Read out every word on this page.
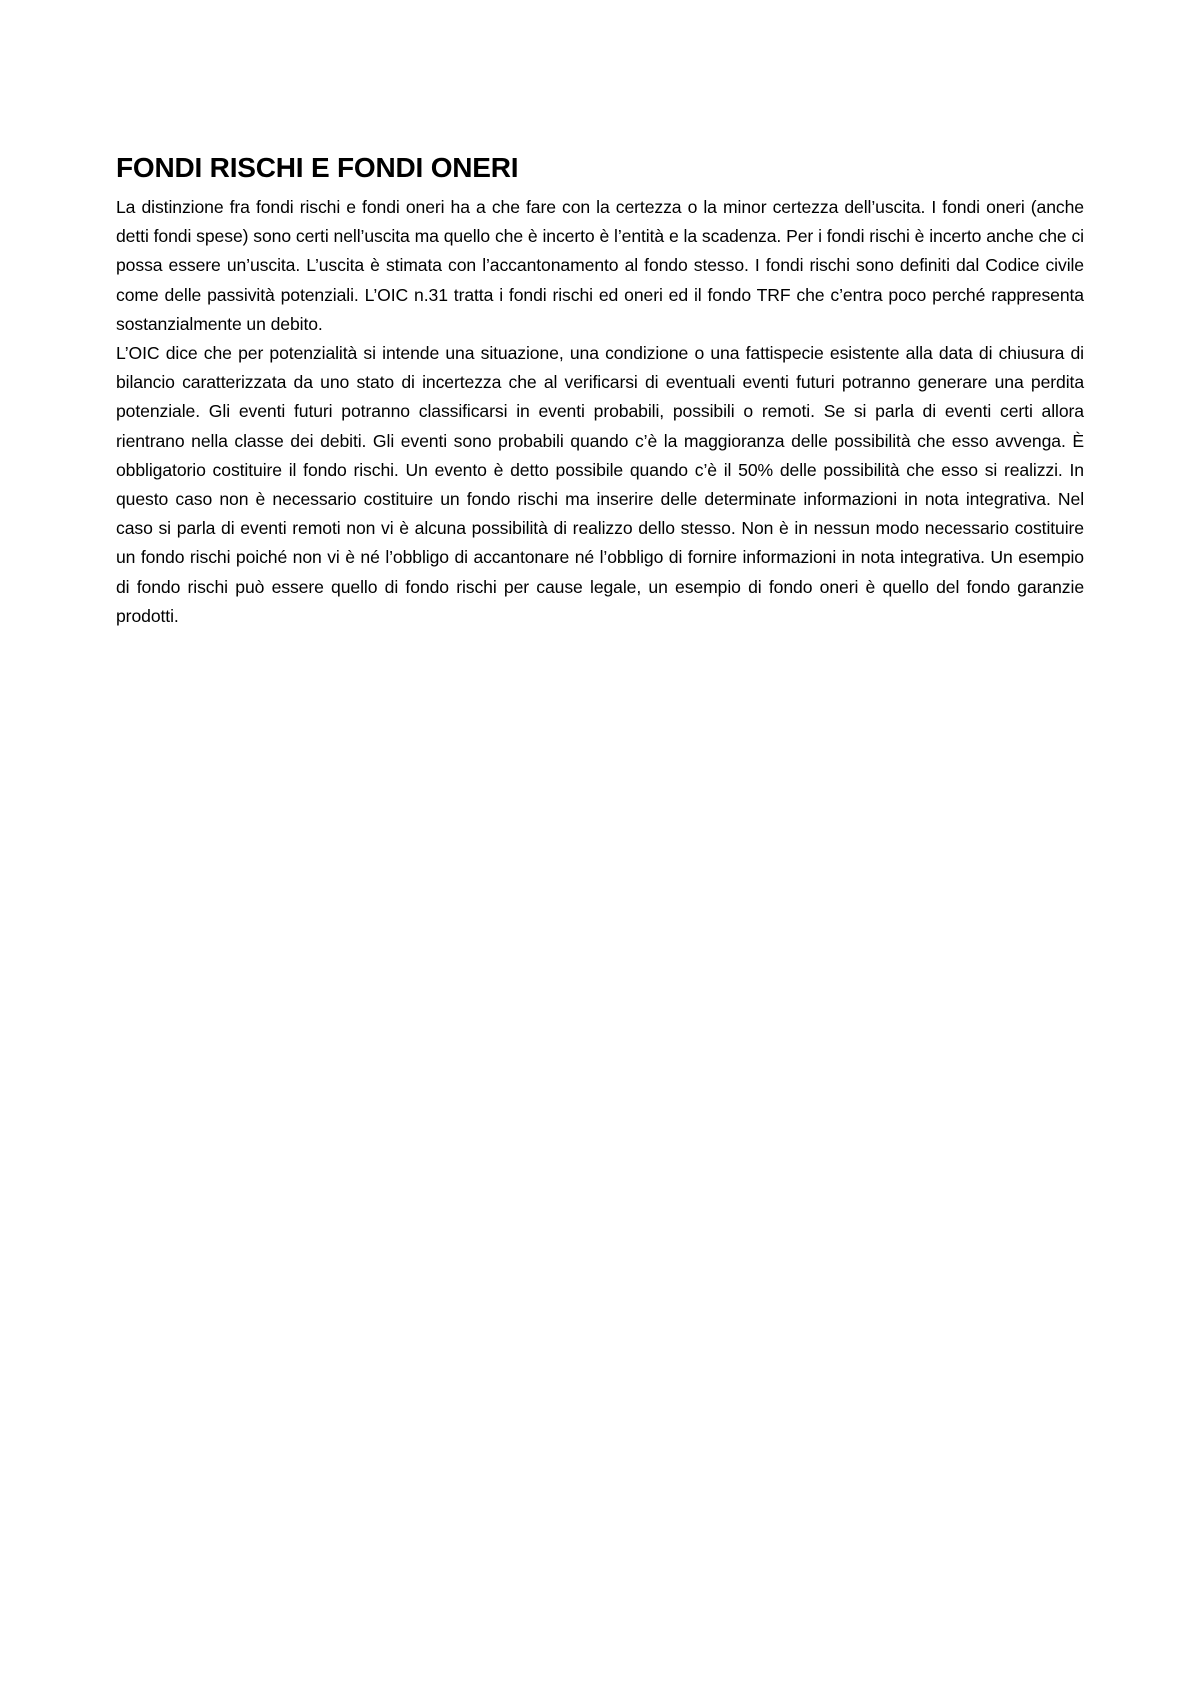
FONDI RISCHI E FONDI ONERI

La distinzione fra fondi rischi e fondi oneri ha a che fare con la certezza o la minor certezza dell’uscita. I fondi oneri (anche detti fondi spese) sono certi nell’uscita ma quello che è incerto è l’entità e la scadenza. Per i fondi rischi è incerto anche che ci possa essere un’uscita. L’uscita è stimata con l’accantonamento al fondo stesso. I fondi rischi sono definiti dal Codice civile come delle passività potenziali. L’OIC n.31 tratta i fondi rischi ed oneri ed il fondo TRF che c’entra poco perché rappresenta sostanzialmente un debito.

L’OIC dice che per potenzialità si intende una situazione, una condizione o una fattispecie esistente alla data di chiusura di bilancio caratterizzata da uno stato di incertezza che al verificarsi di eventuali eventi futuri potranno generare una perdita potenziale. Gli eventi futuri potranno classificarsi in eventi probabili, possibili o remoti. Se si parla di eventi certi allora rientrano nella classe dei debiti. Gli eventi sono probabili quando c’è la maggioranza delle possibilità che esso avvenga. È obbligatorio costituire il fondo rischi. Un evento è detto possibile quando c’è il 50% delle possibilità che esso si realizzi. In questo caso non è necessario costituire un fondo rischi ma inserire delle determinate informazioni in nota integrativa. Nel caso si parla di eventi remoti non vi è alcuna possibilità di realizzo dello stesso. Non è in nessun modo necessario costituire un fondo rischi poiché non vi è né l’obbligo di accantonare né l’obbligo di fornire informazioni in nota integrativa. Un esempio di fondo rischi può essere quello di fondo rischi per cause legale, un esempio di fondo oneri è quello del fondo garanzie prodotti.
